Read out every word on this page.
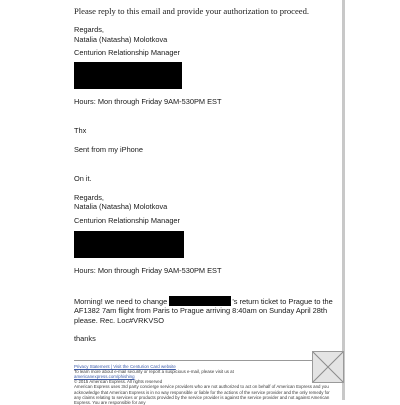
Please reply to this email and provide your authorization to proceed.

Regards,

Natalia (Natasha) Molotkova

Centurion Relationship Manager

Hours: Mon through Friday 9AM-530PM EST

Thx

Sent from my iPhone

On it.

Regards,

Natalia (Natasha) Molotkova

Centurion Relationship Manager

Hours: Mon through Friday 9AM-530PM EST

Morning! we need to change	's return ticket to Prague to the AF1382 7am flight from Paris to Prague arriving 8:40am on Sunday April 28th please. Rec. Loc#VRKVSO

thanks

Privacy Statement | Visit the Centurion Card website

To learn more about e-mail security or report a suspicious e-mail, please visit us at

americanexpress.com/phishing

© 2015 American Express. All rights reserved

American Express uses 3rd party concierge service providers who are not authorized to act on behalf of American Express and you acknowledge that American Express is in no way responsible or liable for the actions of the service provider and the only remedy for any claims relating to services or products provided by the service provider is against the service provider and not against American Express. You are responsible for any
